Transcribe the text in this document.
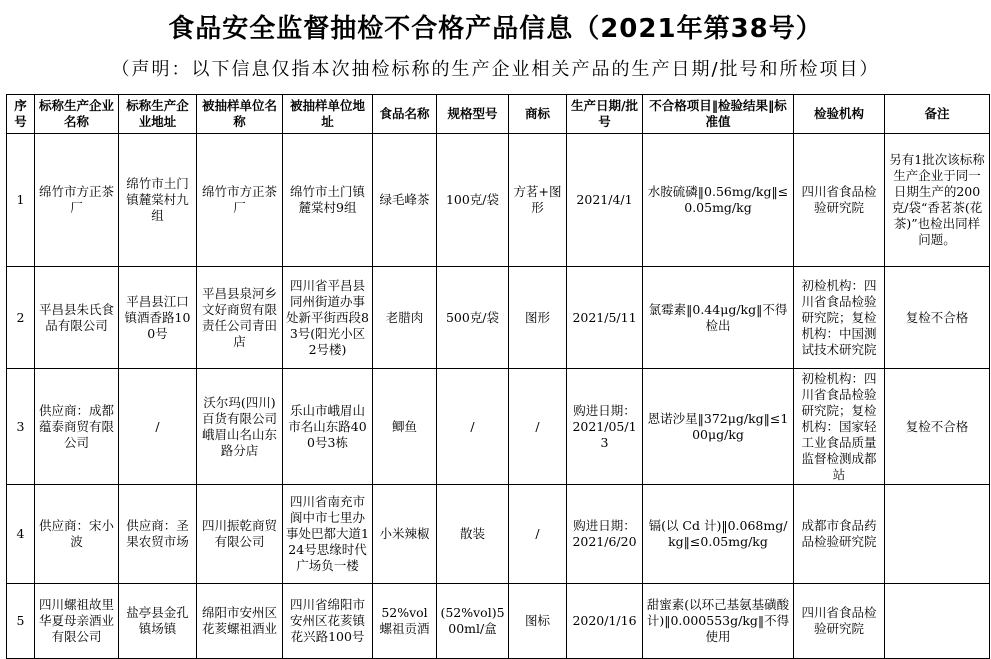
食品安全监督抽检不合格产品信息（2021年第38号）
（声明：以下信息仅指本次抽检标称的生产企业相关产品的生产日期/批号和所检项目）
序号	标称生产企业名称	标称生产企业地址	被抽样单位名称	被抽样单位地址	食品名称	规格型号	商标	生产日期/批号	不合格项目‖检验结果‖标准值	检验机构	备注
1	绵竹市方正茶厂	绵竹市土门镇麓棠村九组	绵竹市方正茶厂	绵竹市土门镇麓棠村9组	绿毛峰茶	100克/袋	方茗+图形	2021/4/1	水胺硫磷‖0.56mg/kg‖≤0.05mg/kg	四川省食品检验研究院	另有1批次该标称生产企业于同一日期生产的200克/袋“香茗茶(花茶)”也检出同样问题。
2	平昌县朱氏食品有限公司	平昌县江口镇酒香路100号	平昌县泉河乡文好商贸有限责任公司青田店	四川省平昌县同州街道办事处新平街西段83号(阳光小区2号楼)	老腊肉	500克/袋	图形	2021/5/11	氯霉素‖0.44μg/kg‖不得检出	初检机构：四川省食品检验研究院；复检机构：中国测试技术研究院	复检不合格
3	供应商：成都蕴泰商贸有限公司	/	沃尔玛(四川)百货有限公司峨眉山名山东路分店	乐山市峨眉山市名山东路400号3栋	鲫鱼	/	/	购进日期：2021/05/13	恩诺沙星‖372μg/kg‖≤100μg/kg	初检机构：四川省食品检验研究院；复检机构：国家轻工业食品质量监督检测成都站	复检不合格
4	供应商：宋小波	供应商：圣果农贸市场	四川振乾商贸有限公司	四川省南充市阆中市七里办事处巴都大道124号思缘时代广场负一楼	小米辣椒	散装	/	购进日期：2021/6/20	镉(以 Cd 计)‖0.068mg/kg‖≤0.05mg/kg	成都市食品药品检验研究院	
5	四川螺祖故里华夏母亲酒业有限公司	盐亭县金孔镇场镇	绵阳市安州区花荄螺祖酒业	四川省绵阳市安州区花荄镇花兴路100号	52%vol螺祖贡酒	(52%vol)500ml/盒	图标	2020/1/16	甜蜜素(以环己基氨基磺酸计)‖0.000553g/kg‖不得使用	四川省食品检验研究院	
